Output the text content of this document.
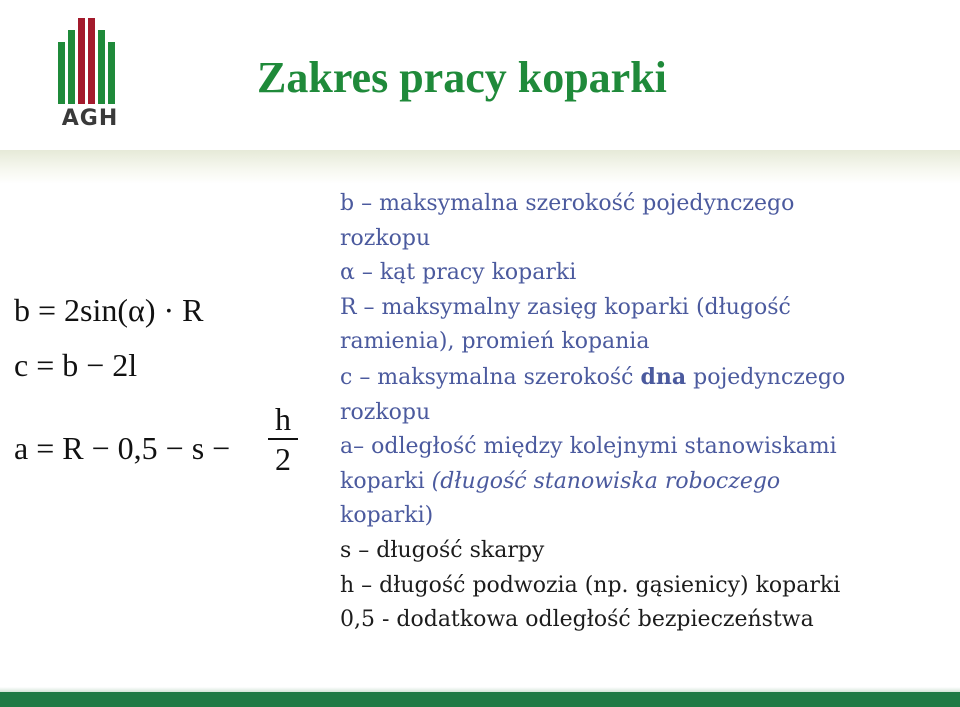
AGH
Zakres pracy koparki
b = 2sin(α) · R
c = b − 2l
a = R − 0,5 − s −
h
2
b – maksymalna szerokość pojedynczego
rozkopu
α – kąt pracy koparki
R – maksymalny zasięg koparki (długość
ramienia), promień kopania
c – maksymalna szerokość dna pojedynczego
rozkopu
a– odległość między kolejnymi stanowiskami
koparki (długość stanowiska roboczego
koparki)
s – długość skarpy
h – długość podwozia (np. gąsienicy) koparki
0,5 - dodatkowa odległość bezpieczeństwa
